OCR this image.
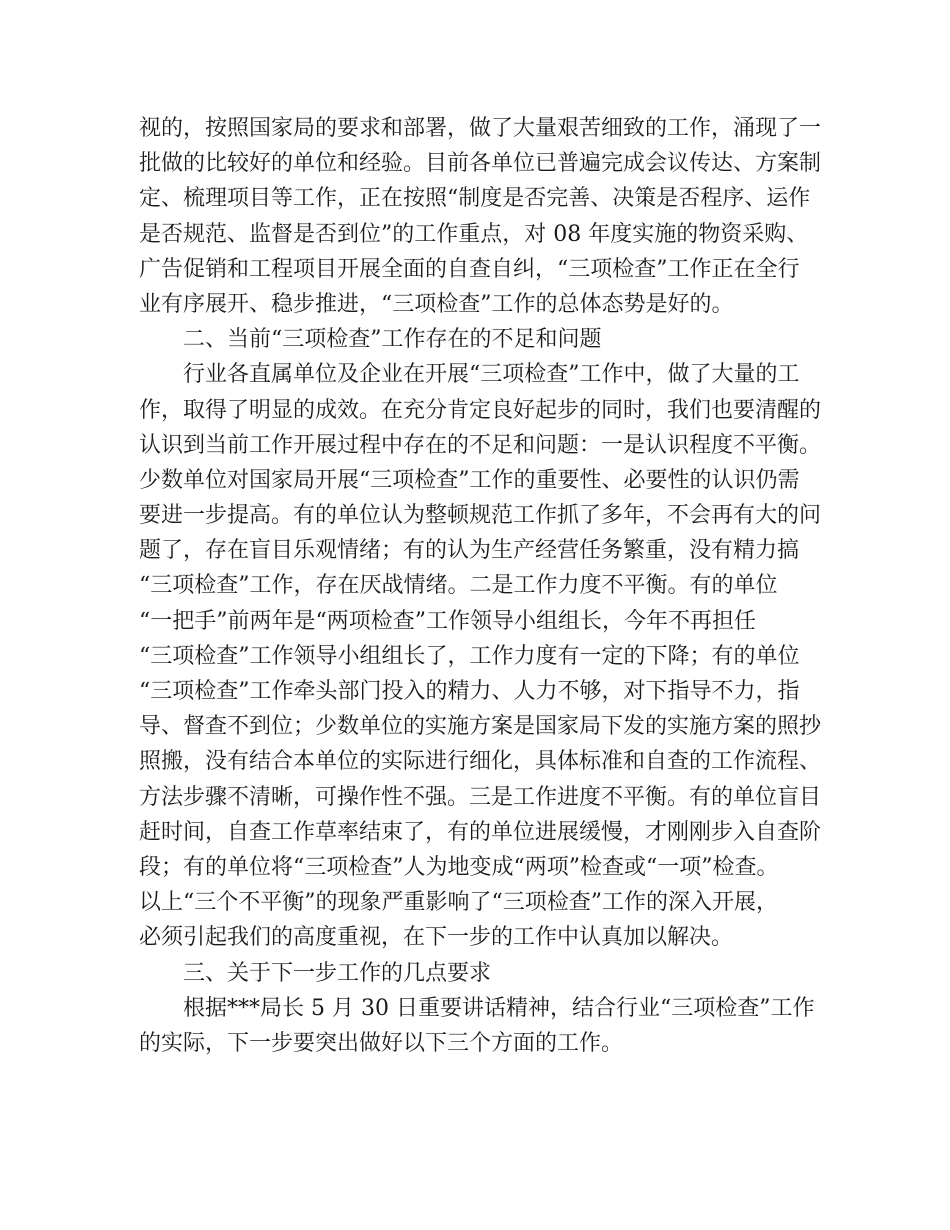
视的，按照国家局的要求和部署，做了大量艰苦细致的工作，涌现了一
批做的比较好的单位和经验。目前各单位已普遍完成会议传达、方案制
定、梳理项目等工作，正在按照“制度是否完善、决策是否程序、运作
是否规范、监督是否到位”的工作重点，对 08 年度实施的物资采购、
广告促销和工程项目开展全面的自查自纠，“三项检查”工作正在全行
业有序展开、稳步推进，“三项检查”工作的总体态势是好的。
二、当前“三项检查”工作存在的不足和问题
行业各直属单位及企业在开展“三项检查”工作中，做了大量的工
作，取得了明显的成效。在充分肯定良好起步的同时，我们也要清醒的
认识到当前工作开展过程中存在的不足和问题：一是认识程度不平衡。
少数单位对国家局开展“三项检查”工作的重要性、必要性的认识仍需
要进一步提高。有的单位认为整顿规范工作抓了多年，不会再有大的问
题了，存在盲目乐观情绪；有的认为生产经营任务繁重，没有精力搞
“三项检查”工作，存在厌战情绪。二是工作力度不平衡。有的单位
“一把手”前两年是“两项检查”工作领导小组组长，今年不再担任
“三项检查”工作领导小组组长了，工作力度有一定的下降；有的单位
“三项检查”工作牵头部门投入的精力、人力不够，对下指导不力，指
导、督查不到位；少数单位的实施方案是国家局下发的实施方案的照抄
照搬，没有结合本单位的实际进行细化，具体标准和自查的工作流程、
方法步骤不清晰，可操作性不强。三是工作进度不平衡。有的单位盲目
赶时间，自查工作草率结束了，有的单位进展缓慢，才刚刚步入自查阶
段；有的单位将“三项检查”人为地变成“两项”检查或“一项”检查。
以上“三个不平衡”的现象严重影响了“三项检查”工作的深入开展，
必须引起我们的高度重视，在下一步的工作中认真加以解决。
三、关于下一步工作的几点要求
根据***局长 5 月 30 日重要讲话精神，结合行业“三项检查”工作
的实际，下一步要突出做好以下三个方面的工作。
